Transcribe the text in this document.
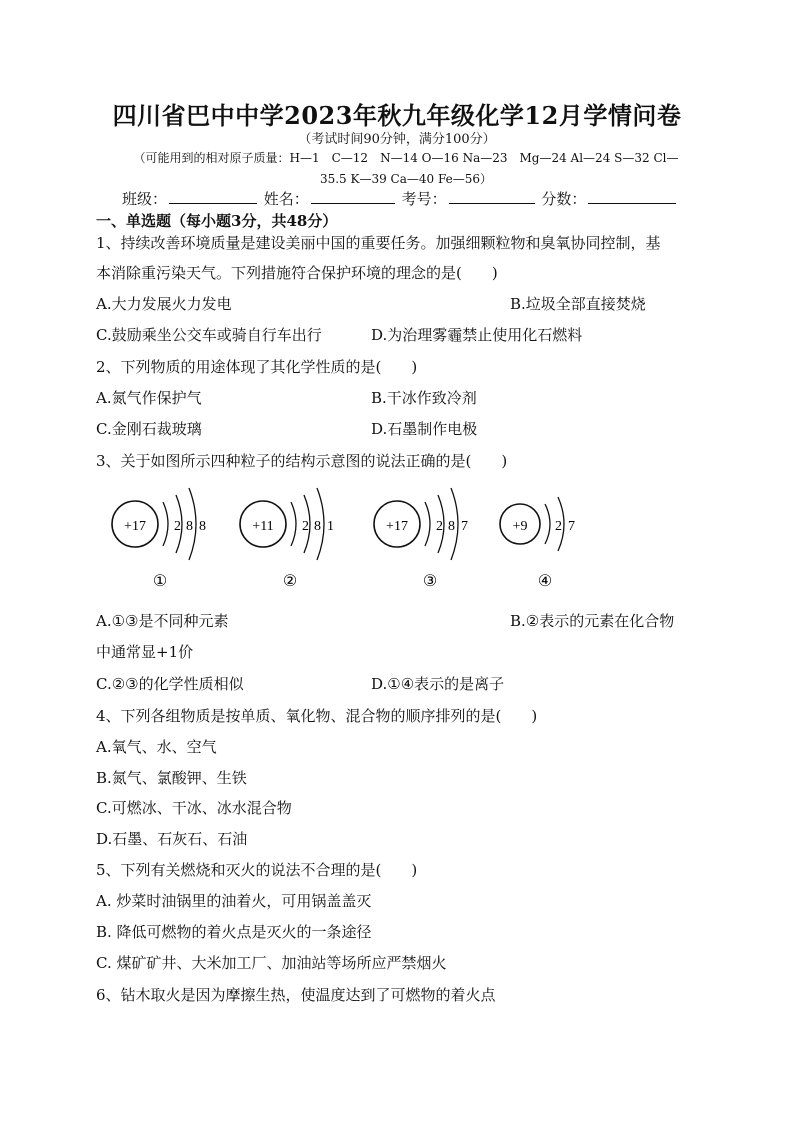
四川省巴中中学2023年秋九年级化学12月学情问卷
（考试时间90分钟，满分100分）
（可能用到的相对原子质量：H—1　C—12　N—14 O—16 Na—23　Mg—24 Al—24 S—32 Cl—
35.5 K—39 Ca—40 Fe—56）
班级：	姓名：	考号：	分数：
一、单选题（每小题3分，共48分）
1、持续改善环境质量是建设美丽中国的重要任务。加强细颗粒物和臭氧协同控制，基
本消除重污染天气。下列措施符合保护环境的理念的是(　　)
A.大力发展火力发电	B.垃圾全部直接焚烧
C.鼓励乘坐公交车或骑自行车出行	D.为治理雾霾禁止使用化石燃料
2、下列物质的用途体现了其化学性质的是(　　)
A.氮气作保护气	B.干冰作致冷剂
C.金刚石裁玻璃	D.石墨制作电极
3、关于如图所示四种粒子的结构示意图的说法正确的是(　　)
+17 2 8 8	+11 2 8 1	+17 2 8 7	+9 2 7
①	②	③	④
A.①③是不同种元素	B.②表示的元素在化合物
中通常显+1价
C.②③的化学性质相似	D.①④表示的是离子
4、下列各组物质是按单质、氧化物、混合物的顺序排列的是(　　)
A.氧气、水、空气
B.氮气、氯酸钾、生铁
C.可燃冰、干冰、冰水混合物
D.石墨、石灰石、石油
5、下列有关燃烧和灭火的说法不合理的是(　　)
A. 炒菜时油锅里的油着火，可用锅盖盖灭
B. 降低可燃物的着火点是灭火的一条途径
C. 煤矿矿井、大米加工厂、加油站等场所应严禁烟火
6、钻木取火是因为摩擦生热，使温度达到了可燃物的着火点
